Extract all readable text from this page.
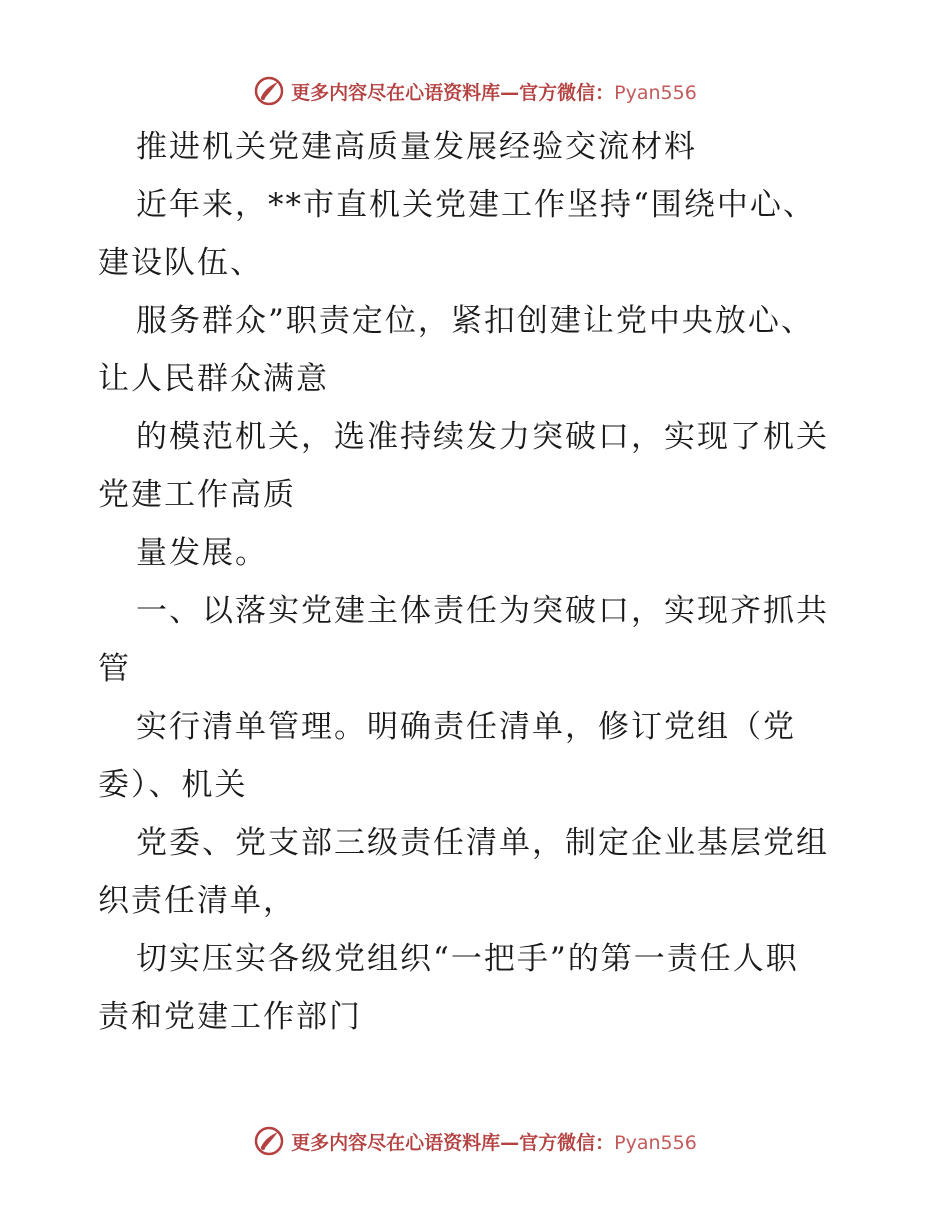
更多内容尽在心语资料库—官方微信：Pyan556
推进机关党建高质量发展经验交流材料
近年来，**市直机关党建工作坚持“围绕中心、
建设队伍、
服务群众”职责定位，紧扣创建让党中央放心、
让人民群众满意
的模范机关，选准持续发力突破口，实现了机关
党建工作高质
量发展。
一、以落实党建主体责任为突破口，实现齐抓共
管
实行清单管理。明确责任清单，修订党组（党
委）、机关
党委、党支部三级责任清单，制定企业基层党组
织责任清单，
切实压实各级党组织“一把手”的第一责任人职
责和党建工作部门
更多内容尽在心语资料库—官方微信：Pyan556
